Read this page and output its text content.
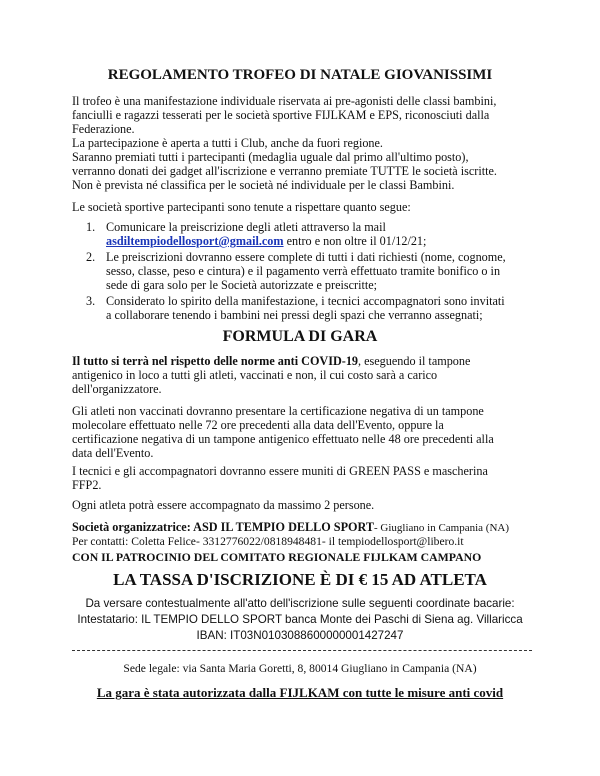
REGOLAMENTO TROFEO DI NATALE GIOVANISSIMI
Il trofeo è una manifestazione individuale riservata ai pre-agonisti delle classi bambini,
fanciulli e ragazzi tesserati per le società sportive FIJLKAM e EPS, riconosciuti dalla
Federazione.
La partecipazione è aperta a tutti i Club, anche da fuori regione.
Saranno premiati tutti i partecipanti (medaglia uguale dal primo all'ultimo posto),
verranno donati dei gadget all'iscrizione e verranno premiate TUTTE le società iscritte.
Non è prevista né classifica per le società né individuale per le classi Bambini.
Le società sportive partecipanti sono tenute a rispettare quanto segue:
1. Comunicare la preiscrizione degli atleti attraverso la mail
asdiltempiodellosport@gmail.com entro e non oltre il 01/12/21;
2. Le preiscrizioni dovranno essere complete di tutti i dati richiesti (nome, cognome,
sesso, classe, peso e cintura) e il pagamento verrà effettuato tramite bonifico o in
sede di gara solo per le Società autorizzate e preiscritte;
3. Considerato lo spirito della manifestazione, i tecnici accompagnatori sono invitati
a collaborare tenendo i bambini nei pressi degli spazi che verranno assegnati;
FORMULA DI GARA
Il tutto si terrà nel rispetto delle norme anti COVID-19, eseguendo il tampone
antigenico in loco a tutti gli atleti, vaccinati e non, il cui costo sarà a carico
dell'organizzatore.
Gli atleti non vaccinati dovranno presentare la certificazione negativa di un tampone
molecolare effettuato nelle 72 ore precedenti alla data dell'Evento, oppure la
certificazione negativa di un tampone antigenico effettuato nelle 48 ore precedenti alla
data dell'Evento.
I tecnici e gli accompagnatori dovranno essere muniti di GREEN PASS e mascherina
FFP2.
Ogni atleta potrà essere accompagnato da massimo 2 persone.
Società organizzatrice: ASD IL TEMPIO DELLO SPORT- Giugliano in Campania (NA)
Per contatti: Coletta Felice- 3312776022/0818948481- il tempiodellosport@libero.it
CON IL PATROCINIO DEL COMITATO REGIONALE FIJLKAM CAMPANO
LA TASSA D'ISCRIZIONE È DI € 15 AD ATLETA
Da versare contestualmente all'atto dell'iscrizione sulle seguenti coordinate bacarie:
Intestatario: IL TEMPIO DELLO SPORT banca Monte dei Paschi di Siena ag. Villaricca
IBAN: IT03N0103088600000001427247
Sede legale: via Santa Maria Goretti, 8, 80014 Giugliano in Campania (NA)
La gara è stata autorizzata dalla FIJLKAM con tutte le misure anti covid
